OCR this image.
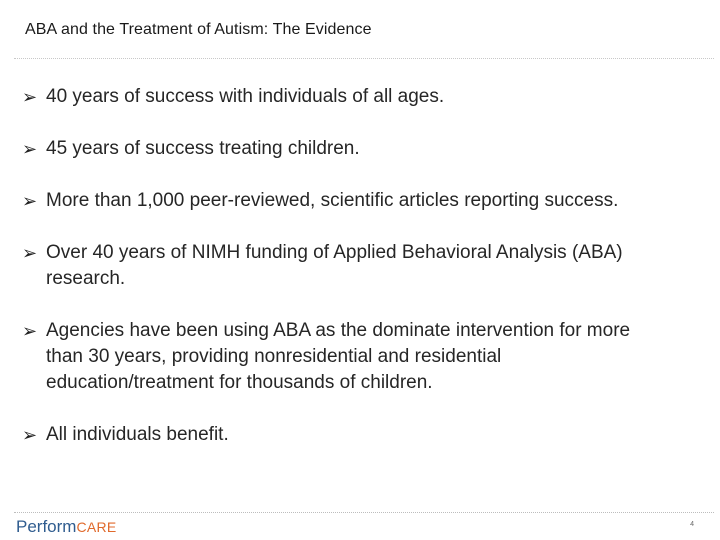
ABA and the Treatment of Autism: The Evidence
➢ 40 years of success with individuals of all ages.
➢ 45 years of success treating children.
➢ More than 1,000 peer-reviewed, scientific articles reporting success.
➢ Over 40 years of NIMH funding of Applied Behavioral Analysis (ABA) research.
➢ Agencies have been using ABA as the dominate intervention for more than 30 years, providing nonresidential and residential education/treatment for thousands of children.
➢ All individuals benefit.
PerformCARE	4
